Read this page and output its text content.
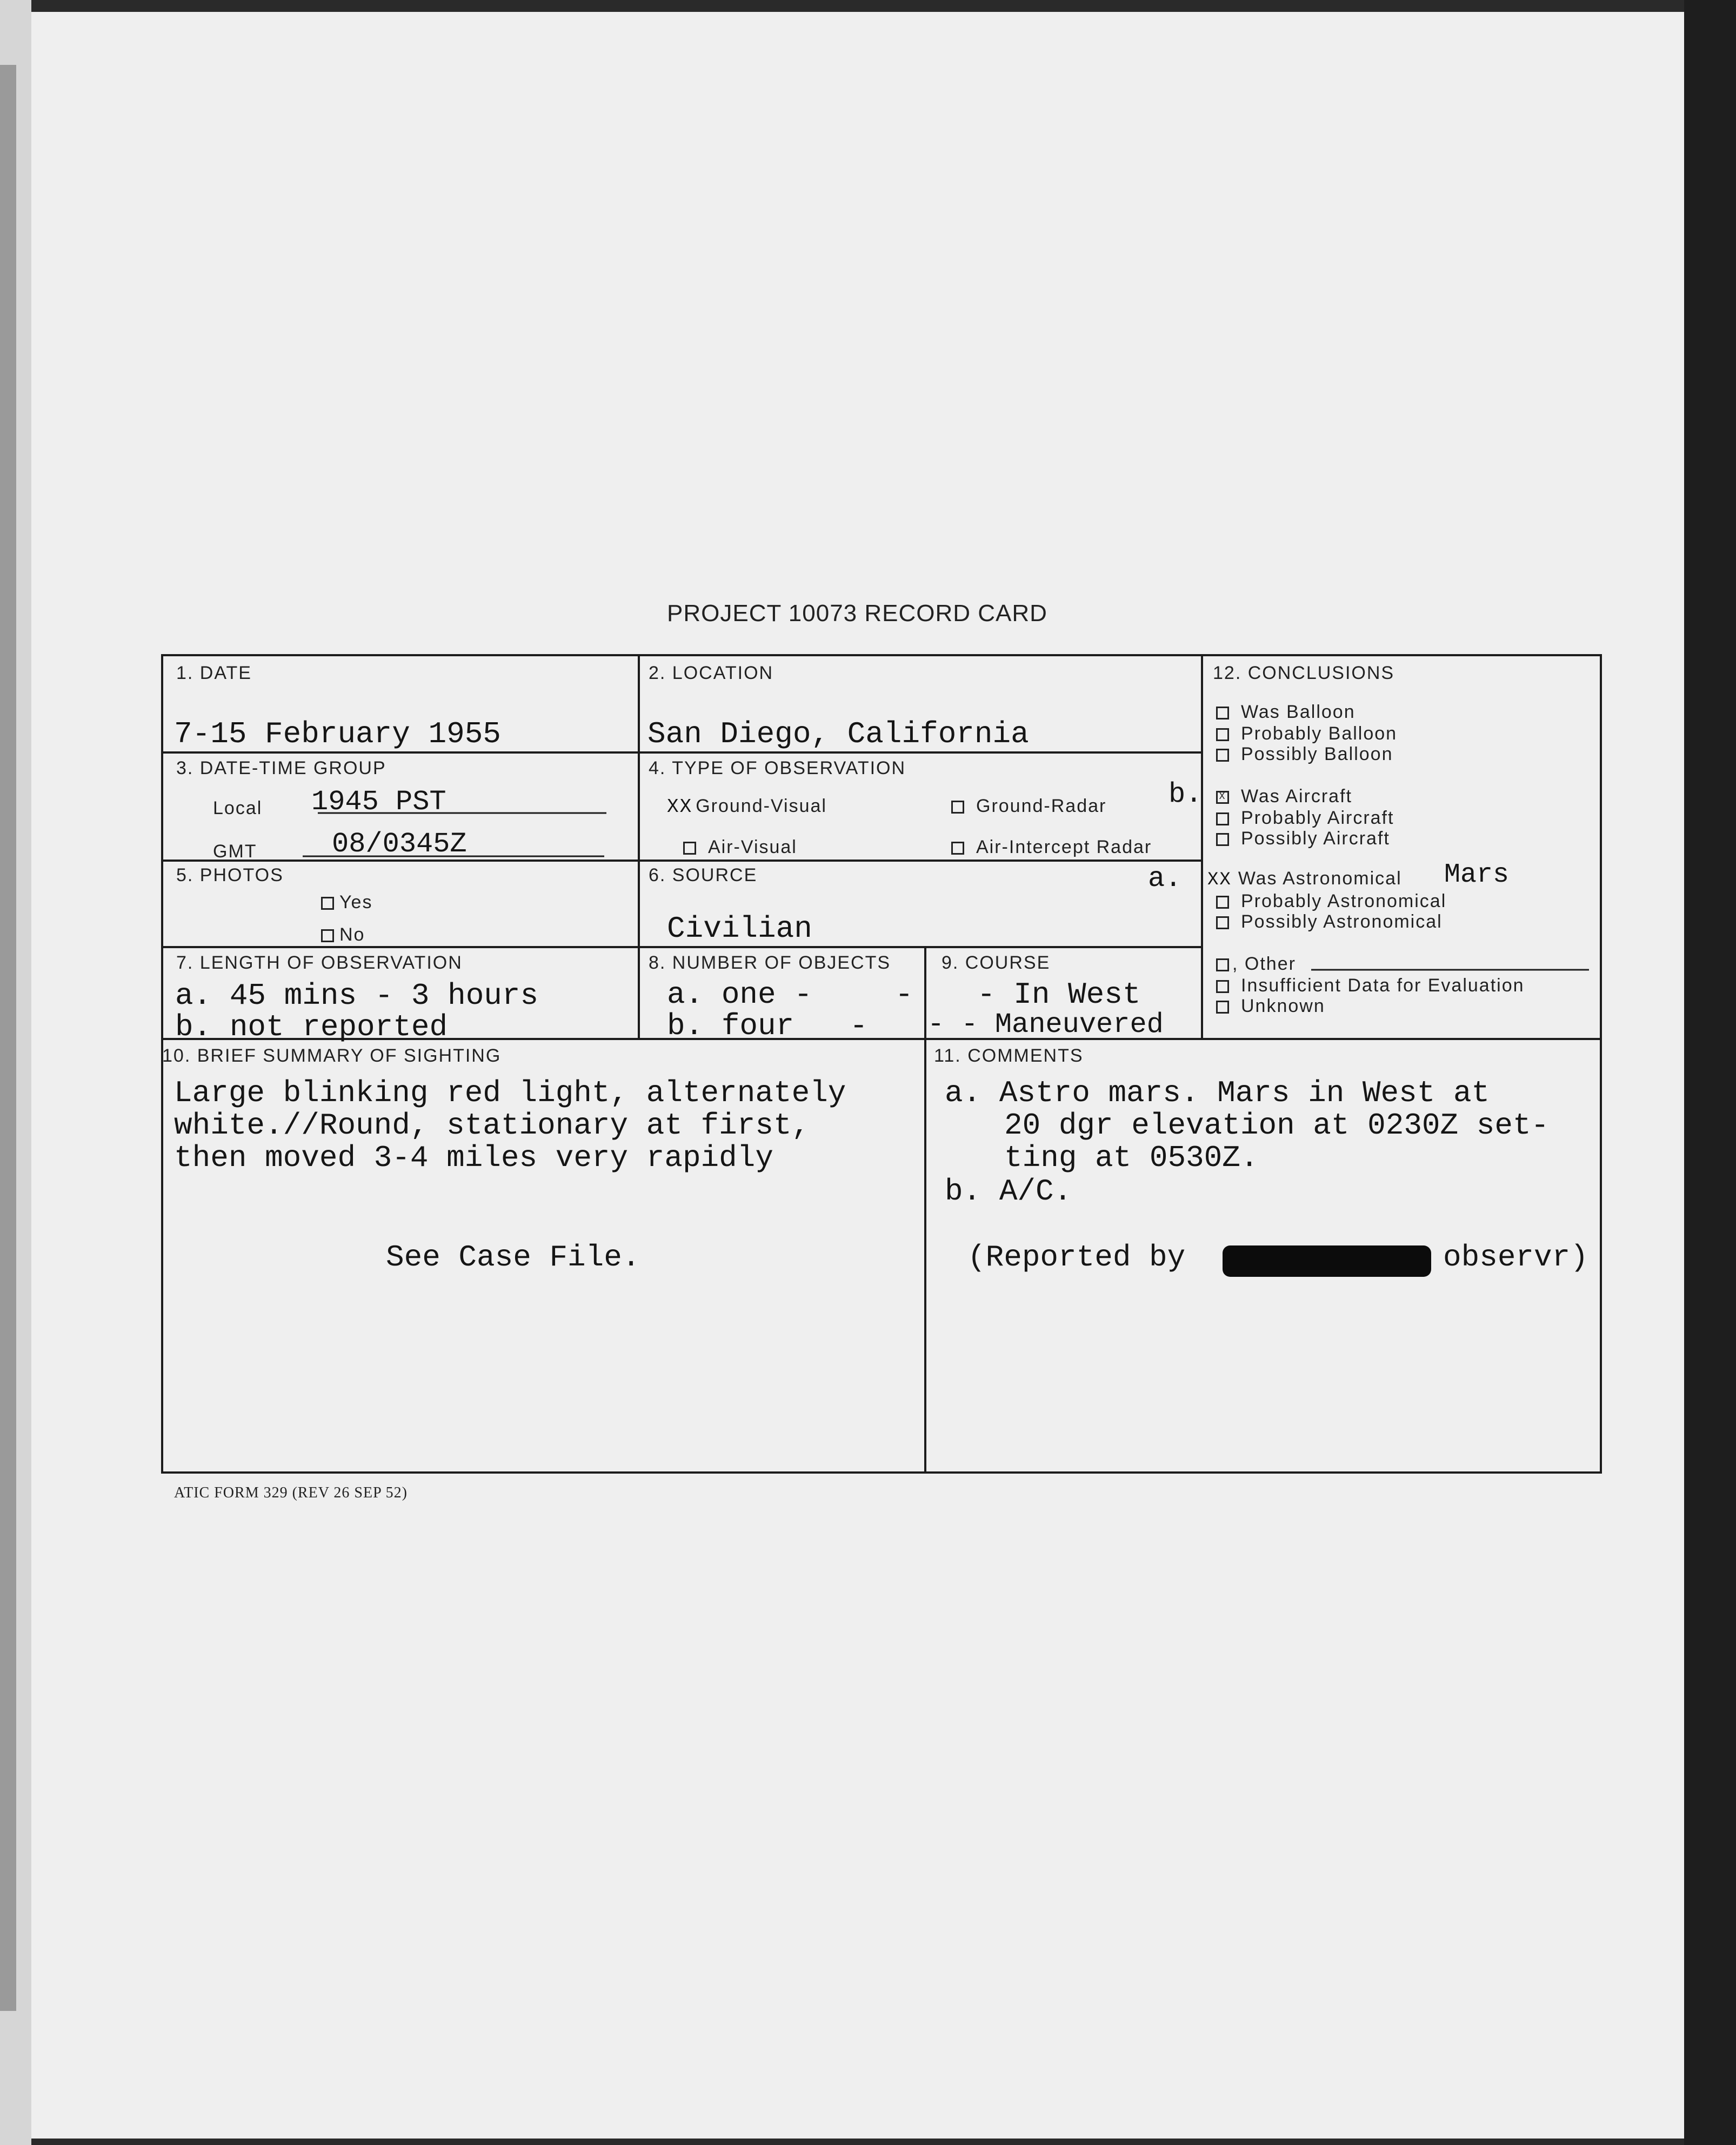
PROJECT 10073 RECORD CARD
1. DATE
7-15 February 1955
2. LOCATION
San Diego, California
3. DATE-TIME GROUP
Local 1945 PST
GMT	08/0345Z
4. TYPE OF OBSERVATION
XX Ground-Visual	Ground-Radar b.
Air-Visual	Air-Intercept Radar
5. PHOTOS
Yes
No
6. SOURCE
Civilian
a.
7. LENGTH OF OBSERVATION
a. 45 mins - 3 hours
b. not reported
8. NUMBER OF OBJECTS
a. one -	-
b. four -
9. COURSE
- In West
- - Maneuvered
10. BRIEF SUMMARY OF SIGHTING
Large blinking red light, alternately
white.//Round, stationary at first,
then moved 3-4 miles very rapidly
See Case File.
11. COMMENTS
a. Astro mars. Mars in West at
20 dgr elevation at 0230Z set-
ting at 0530Z.
b. A/C.
(Reported by	observr)
12. CONCLUSIONS
Was Balloon
Probably Balloon
Possibly Balloon
X Was Aircraft
Probably Aircraft
Possibly Aircraft
XX Was Astronomical Mars
Probably Astronomical
Possibly Astronomical
, Other
Insufficient Data for Evaluation
Unknown
ATIC FORM 329 (REV 26 SEP 52)
